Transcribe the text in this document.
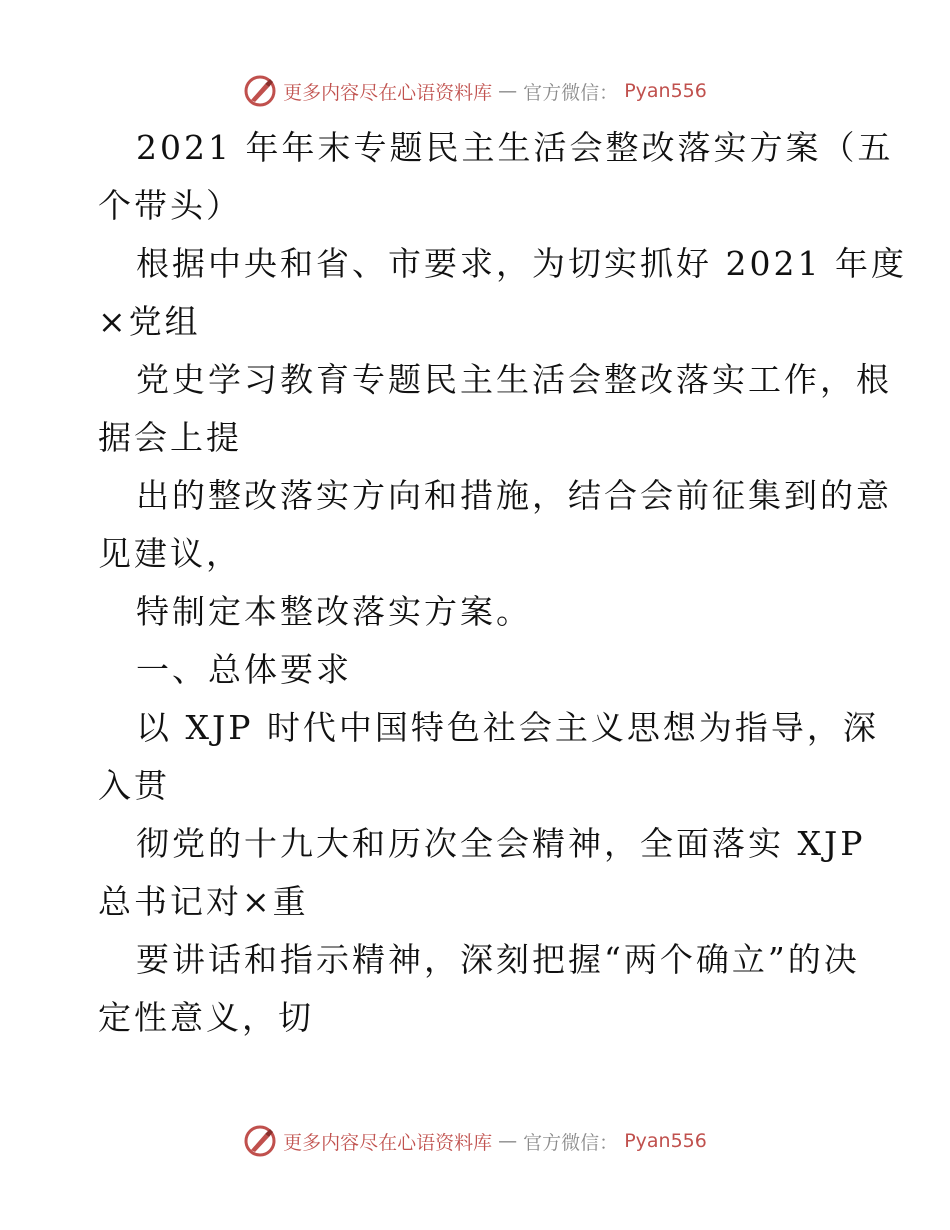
更多内容尽在心语资料库 — 官方微信： Pyan556
2021 年年末专题民主生活会整改落实方案（五
个带头）
根据中央和省、市要求，为切实抓好 2021 年度
×党组
党史学习教育专题民主生活会整改落实工作，根
据会上提
出的整改落实方向和措施，结合会前征集到的意
见建议，
特制定本整改落实方案。
一、总体要求
以 XJP 时代中国特色社会主义思想为指导，深
入贯
彻党的十九大和历次全会精神，全面落实 XJP
总书记对×重
要讲话和指示精神，深刻把握“两个确立”的决
定性意义，切
更多内容尽在心语资料库 — 官方微信： Pyan556
